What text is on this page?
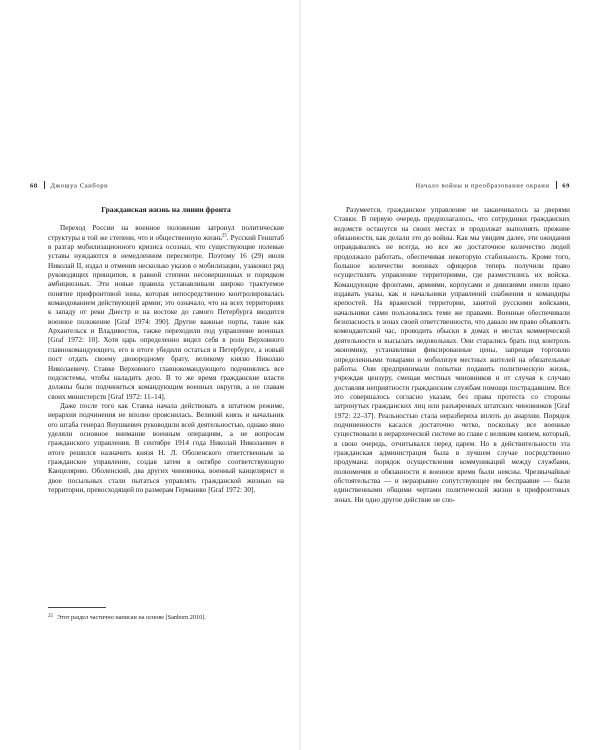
68 Джошуа Санборн	Начало войны и преобразование окраин 69
Гражданская жизнь на линии фронта

Переход России на военное положение затронул политические структуры в той же степени, что и общественную жизнь$^{25}$. Русский Генштаб в разгар мобилизационного кризиса осознал, что существующие полевые уставы нуждаются в немедленном пересмотре. Поэтому 16 (29) июля Николай II, издал и отменив несколько указов о мобилизации, узаконил ряд руководящих принципов, в равной степени несовершенных и порядком амбициозных. Эти новые правила устанавливали широко трактуемое понятие прифронтовой зоны, которая непосредственно контролировалась командованием действующей армии; это означало, что на всех территориях к западу от реки Днестр и на востоке до самого Петербурга вводится военное положение [Graf 1974: 390]. Другие важные порты, такие как Архангельск и Владивосток, также переходили под управление военных [Graf 1972: 10]. Хотя царь определенно видел себя в роли Верховного главнокомандующего, его в итоге убедили остаться в Петербурге, а новый пост отдать своему двоюродному брату, великому князю Николаю Николаевичу. Ставке Верховного главнокомандующего подчинялись все подсистемы, чтобы наладить дело. В то же время гражданские власти должны были подчиниться командующим военных округов, а не главам своих министерств [Graf 1972: 11–14].

Даже после того как Ставка начала действовать в штатном режиме, иерархия подчинения не вполне прояснилась. Великий князь и начальник его штаба генерал Янушкевич руководили всей деятельностью, однако явно уделяли основное внимание военным операциям, а не вопросам гражданского управления. В сентябре 1914 года Николай Николаевич в итоге решился назначить князя Н. Л. Оболенского ответственным за гражданское управление, создав затем в октябре соответствующую Канцелярию. Оболенский, два других чиновника, военный канцелярист и двое посыльных стали пытаться управлять гражданской жизнью на территории, превосходящей по размерам Германию [Graf 1972: 30].

$^{25}$ Этот раздел частично написан на основе [Sanborn 2010].

Разумеется, гражданское управление не заканчивалось за дверями Ставки. В первую очередь предполагалось, что сотрудники гражданских ведомств останутся на своих местах и продолжат выполнять прежние обязанности, как делали это до войны. Как мы увидим далее, эти ожидания оправдывались не всегда, но все же достаточное количество людей продолжало работать, обеспечивая некоторую стабильность. Кроме того, большое количество военных офицеров теперь получили право осуществлять управление территориями, где разместились их войска. Командующие фронтами, армиями, корпусами и дивизиями имели право издавать указы, как и начальники управлений снабжения и командиры крепостей. На вражеской территории, занятой русскими войсками, начальники сами пользовались теми же правами. Военные обеспечивали безопасность в зонах своей ответственности, что давало им право объявлять комендантский час, проводить обыски в домах и местах коммерческой деятельности и высылать недовольных. Они старались брать под контроль экономику, устанавливая фиксированные цены, запрещая торговлю определенными товарами и мобилизуя местных жителей на обязательные работы. Они предпринимали попытки подавить политическую жизнь, учреждая цензуру, смещая местных чиновников и от случая к случаю доставляя неприятности гражданским службам помощи пострадавшим. Все это совершалось согласно указам, без права протеста со стороны затронутых гражданских лиц или разъяренных штатских чиновников [Graf 1972: 22–37]. Реальностью стала неразбериха вплоть до анархии. Порядок подчиненности касался достаточно четко, поскольку все военные существовали в иерархической системе во главе с великим князем, который, в свою очередь, отчитывался перед царем. Но в действительности эта гражданская администрация была в лучшем случае посредственно продумана: порядок осуществления коммуникаций между службами, полномочия и обязанности в военное время были неясны. Чрезвычайные обстоятельства — и неразрывно сопутствующее им беспраавие — были единственными общими чертами политической жизни в прифронтовых зонах. Ни одно другое действие не спо-
